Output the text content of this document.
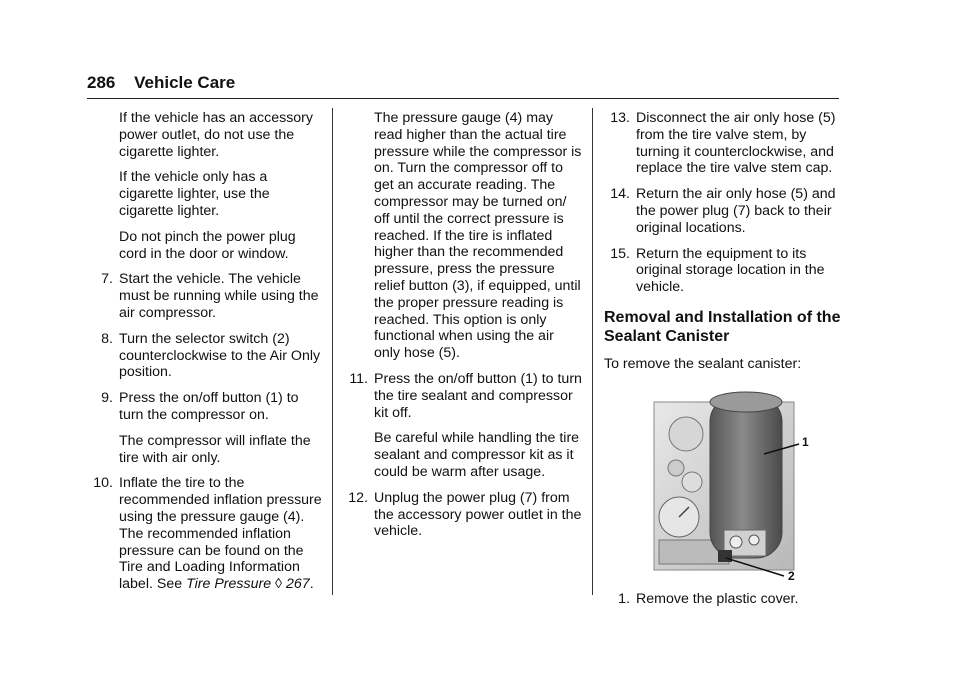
286 Vehicle Care

If the vehicle has an accessory power outlet, do not use the cigarette lighter.

If the vehicle only has a cigarette lighter, use the cigarette lighter.

Do not pinch the power plug cord in the door or window.

7. Start the vehicle. The vehicle must be running while using the air compressor.

8. Turn the selector switch (2) counterclockwise to the Air Only position.

9. Press the on/off button (1) to turn the compressor on.

The compressor will inflate the tire with air only.

10. Inflate the tire to the recommended inflation pressure using the pressure gauge (4). The recommended inflation pressure can be found on the Tire and Loading Information label. See Tire Pressure ◊ 267.

The pressure gauge (4) may read higher than the actual tire pressure while the compressor is on. Turn the compressor off to get an accurate reading. The compressor may be turned on/ off until the correct pressure is reached. If the tire is inflated higher than the recommended pressure, press the pressure relief button (3), if equipped, until the proper pressure reading is reached. This option is only functional when using the air only hose (5).

11. Press the on/off button (1) to turn the tire sealant and compressor kit off.

Be careful while handling the tire sealant and compressor kit as it could be warm after usage.

12. Unplug the power plug (7) from the accessory power outlet in the vehicle.

13. Disconnect the air only hose (5) from the tire valve stem, by turning it counterclockwise, and replace the tire valve stem cap.

14. Return the air only hose (5) and the power plug (7) back to their original locations.

15. Return the equipment to its original storage location in the vehicle.

Removal and Installation of the Sealant Canister

To remove the sealant canister:

1
2

1. Remove the plastic cover.
